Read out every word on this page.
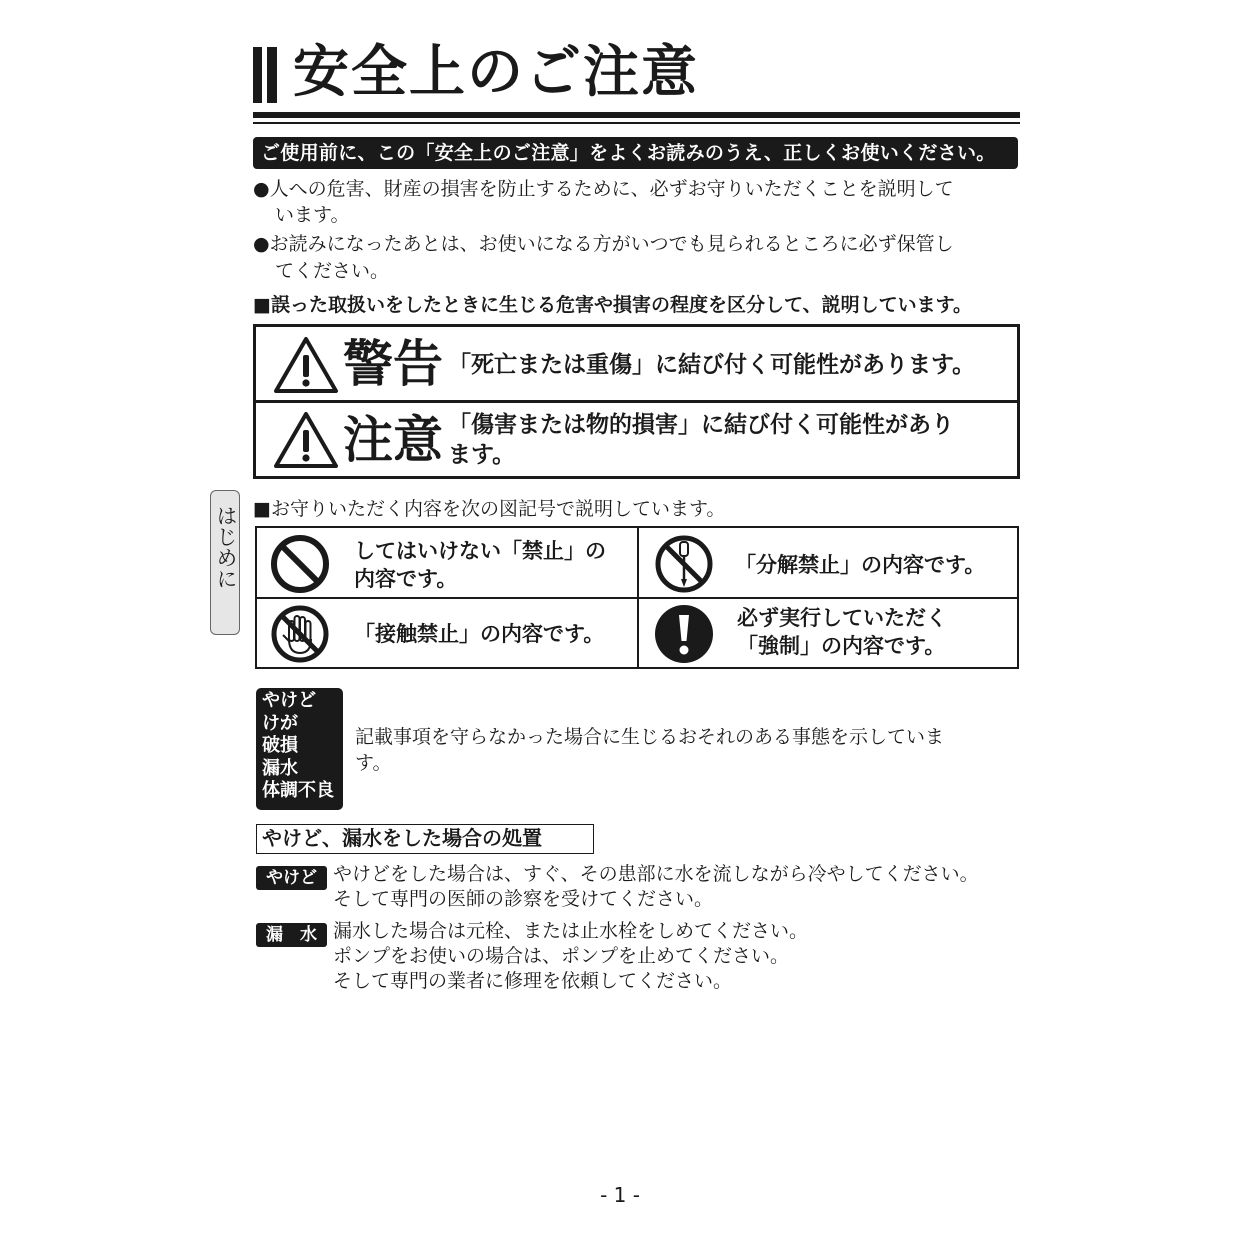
安全上のご注意
ご使用前に、この「安全上のご注意」をよくお読みのうえ、正しくお使いください。
●人への危害、財産の損害を防止するために、必ずお守りいただくことを説明して
います。
●お読みになったあとは、お使いになる方がいつでも見られるところに必ず保管し
てください。
■誤った取扱いをしたときに生じる危害や損害の程度を区分して、説明しています。
警告 「死亡または重傷」に結び付く可能性があります。
注意 「傷害または物的損害」に結び付く可能性があり
ます。
はじめに ■お守りいただく内容を次の図記号で説明しています。
してはいけない「禁止」の
内容です。
「分解禁止」の内容です。
「接触禁止」の内容です。
必ず実行していただく
「強制」の内容です。
やけど
けが
破損
漏水
体調不良
記載事項を守らなかった場合に生じるおそれのある事態を示していま
す。
やけど、漏水をした場合の処置
やけど やけどをした場合は、すぐ、その患部に水を流しながら冷やしてください。
そして専門の医師の診察を受けてください。
漏　水 漏水した場合は元栓、または止水栓をしめてください。
ポンプをお使いの場合は、ポンプを止めてください。
そして専門の業者に修理を依頼してください。
- 1 -
